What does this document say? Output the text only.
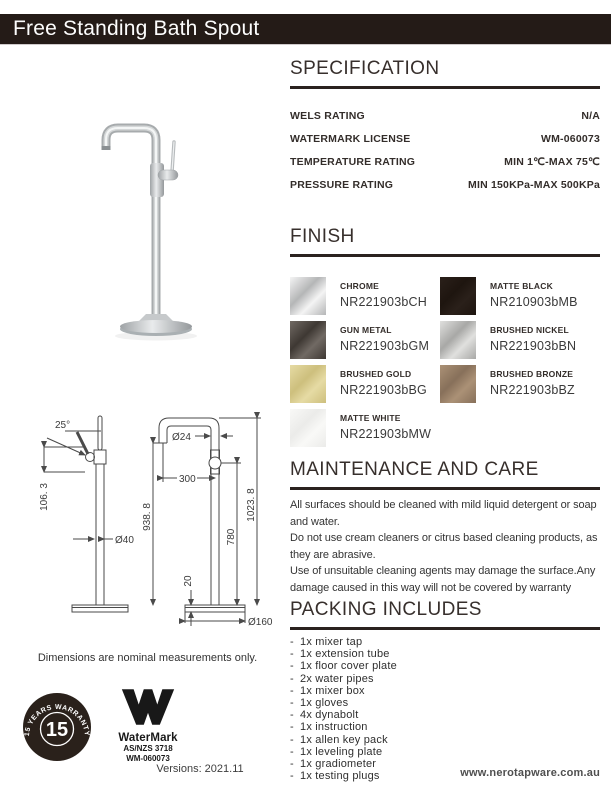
Free Standing Bath Spout
SPECIFICATION
WELS RATING	N/A
WATERMARK LICENSE	WM-060073
TEMPERATURE RATING	MIN 1℃-MAX 75℃
PRESSURE RATING	MIN 150KPa-MAX 500KPa
FINISH
CHROME
NR221903bCH
MATTE BLACK
NR210903bMB
GUN METAL
NR221903bGM
BRUSHED NICKEL
NR221903bBN
BRUSHED GOLD
NR221903bBG
BRUSHED BRONZE
NR221903bBZ
MATTE WHITE
NR221903bMW
MAINTENANCE AND CARE

All surfaces should be cleaned with mild liquid detergent or soap and water.

Do not use cream cleaners or citrus based cleaning products, as they are abrasive.

Use of unsuitable cleaning agents may damage the surface.Any damage caused in this way will not be covered by warranty

PACKING INCLUDES
- 1x mixer tap
- 1x extension tube
- 1x floor cover plate
- 2x water pipes
- 1x mixer box
- 1x gloves
- 4x dynabolt
- 1x instruction
- 1x allen key pack
- 1x leveling plate
- 1x gradiometer
- 1x testing plugs
25°
106. 3
Ø40
Ø24
300
938. 8
780
1023. 8
20
Ø160
Dimensions are nominal measurements only.
15 YEARS WARRANTY
15	WaterMark
AS/NZS 3718
WM-060073
Versions: 2021.11	www.nerotapware.com.au
